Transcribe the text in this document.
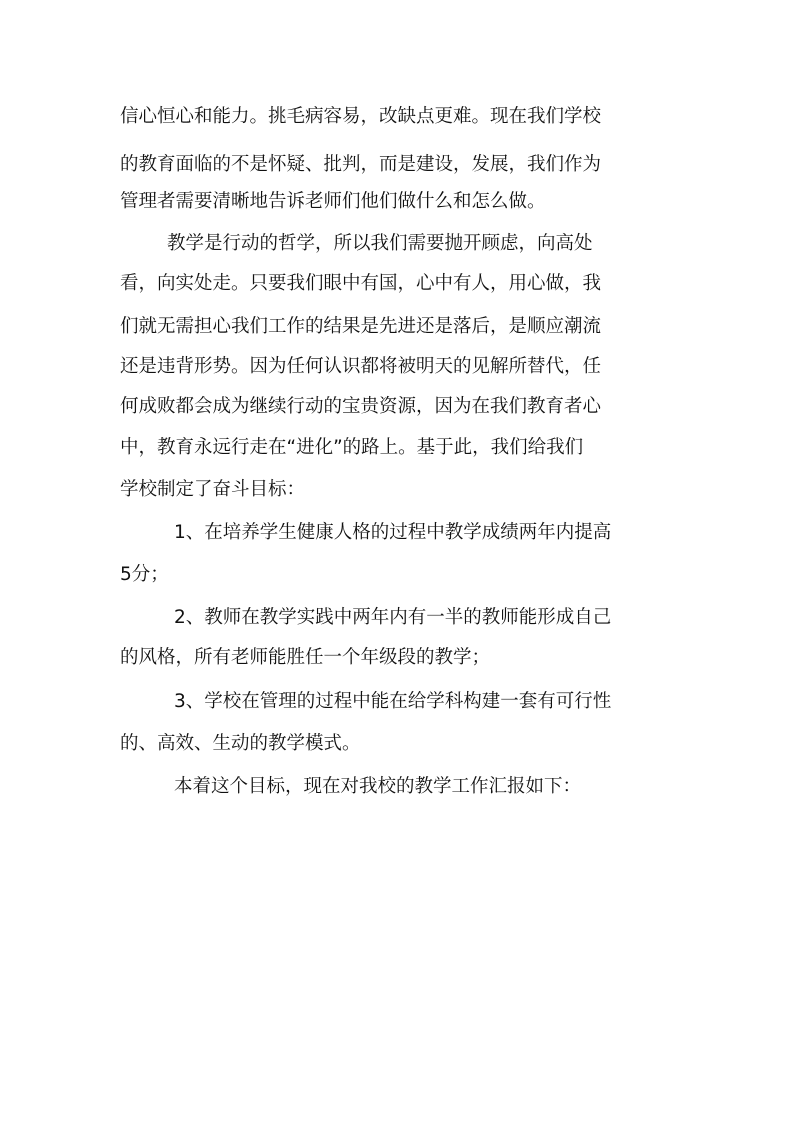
信心恒心和能力。挑毛病容易，改缺点更难。现在我们学校

的教育面临的不是怀疑、批判，而是建设，发展，我们作为

管理者需要清晰地告诉老师们他们做什么和怎么做。

教学是行动的哲学，所以我们需要抛开顾虑，向高处

看，向实处走。只要我们眼中有国，心中有人，用心做，我

们就无需担心我们工作的结果是先进还是落后，是顺应潮流

还是违背形势。因为任何认识都将被明天的见解所替代，任

何成败都会成为继续行动的宝贵资源，因为在我们教育者心

中，教育永远行走在“进化”的路上。基于此，我们给我们

学校制定了奋斗目标：

1、在培养学生健康人格的过程中教学成绩两年内提高

5分；

2、教师在教学实践中两年内有一半的教师能形成自己

的风格，所有老师能胜任一个年级段的教学；

3、学校在管理的过程中能在给学科构建一套有可行性

的、高效、生动的教学模式。

本着这个目标，现在对我校的教学工作汇报如下：
